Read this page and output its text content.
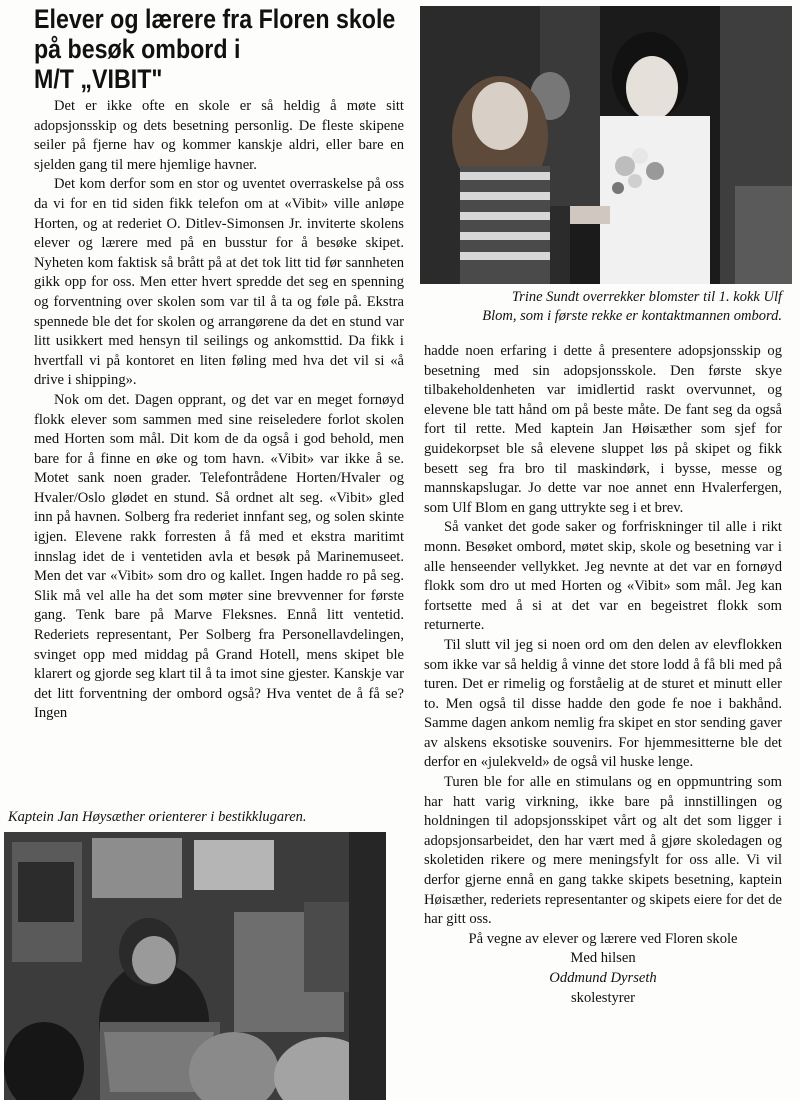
Elever og lærere fra Floren skole
på besøk ombord i
M/T „VIBIT"

Det er ikke ofte en skole er så heldig å møte sitt adopsjonsskip og dets besetning personlig. De fleste skipene seiler på fjerne hav og kommer kanskje aldri, eller bare en sjelden gang til mere hjemlige havner.

Det kom derfor som en stor og uventet overraskelse på oss da vi for en tid siden fikk telefon om at «Vibit» ville anløpe Horten, og at rederiet O. Ditlev-Simonsen Jr. inviterte skolens elever og lærere med på en busstur for å besøke skipet. Nyheten kom faktisk så brått på at det tok litt tid før sannheten gikk opp for oss. Men etter hvert spredde det seg en spenning og forventning over skolen som var til å ta og føle på. Ekstra spennede ble det for skolen og arrangørene da det en stund var litt usikkert med hensyn til seilings og ankomsttid. Da fikk i hvertfall vi på kontoret en liten føling med hva det vil si «å drive i shipping».

Nok om det. Dagen opprant, og det var en meget fornøyd flokk elever som sammen med sine reiseledere forlot skolen med Horten som mål. Dit kom de da også i god behold, men bare for å finne en øke og tom havn. «Vibit» var ikke å se. Motet sank noen grader. Telefontrådene Horten/Hvaler og Hvaler/Oslo glødet en stund. Så ordnet alt seg. «Vibit» gled inn på havnen. Solberg fra rederiet innfant seg, og solen skinte igjen. Elevene rakk forresten å få med et ekstra maritimt innslag idet de i ventetiden avla et besøk på Marinemuseet. Men det var «Vibit» som dro og kallet. Ingen hadde ro på seg. Slik må vel alle ha det som møter sine brevvenner for første gang. Tenk bare på Marve Fleksnes. Ennå litt ventetid. Rederiets representant, Per Solberg fra Personellavdelingen, svinget opp med middag på Grand Hotell, mens skipet ble klarert og gjorde seg klart til å ta imot sine gjester. Kanskje var det litt forventning der ombord også? Hva ventet de å få se? Ingen

Kaptein Jan Høysæther orienterer i bestikklugaren.
Trine Sundt overrekker blomster til 1. kokk Ulf Blom, som i første rekke er kontaktmannen ombord.

hadde noen erfaring i dette å presentere adopsjonsskip og besetning med sin adopsjonsskole. Den første skye tilbakeholdenheten var imidlertid raskt overvunnet, og elevene ble tatt hånd om på beste måte. De fant seg da også fort til rette. Med kaptein Jan Høisæther som sjef for guidekorpset ble så elevene sluppet løs på skipet og fikk besett seg fra bro til maskindørk, i bysse, messe og mannskapslugar. Jo dette var noe annet enn Hvalerfergen, som Ulf Blom en gang uttrykte seg i et brev.

Så vanket det gode saker og forfriskninger til alle i rikt monn. Besøket ombord, møtet skip, skole og besetning var i alle henseender vellykket. Jeg nevnte at det var en fornøyd flokk som dro ut med Horten og «Vibit» som mål. Jeg kan fortsette med å si at det var en begeistret flokk som returnerte.

Til slutt vil jeg si noen ord om den delen av elevflokken som ikke var så heldig å vinne det store lodd å få bli med på turen. Det er rimelig og forståelig at de sturet et minutt eller to. Men også til disse hadde den gode fe noe i bakhånd. Samme dagen ankom nemlig fra skipet en stor sending gaver av alskens eksotiske souvenirs. For hjemmesitterne ble det derfor en «julekveld» de også vil huske lenge.

Turen ble for alle en stimulans og en oppmuntring som har hatt varig virkning, ikke bare på innstillingen og holdningen til adopsjonsskipet vårt og alt det som ligger i adopsjonsarbeidet, den har vært med å gjøre skoledagen og skoletiden rikere og mere meningsfylt for oss alle. Vi vil derfor gjerne ennå en gang takke skipets besetning, kaptein Høisæther, rederiets representanter og skipets eiere for det de har gitt oss.

På vegne av elever og lærere ved Floren skole

Med hilsen

Oddmund Dyrseth

skolestyrer
